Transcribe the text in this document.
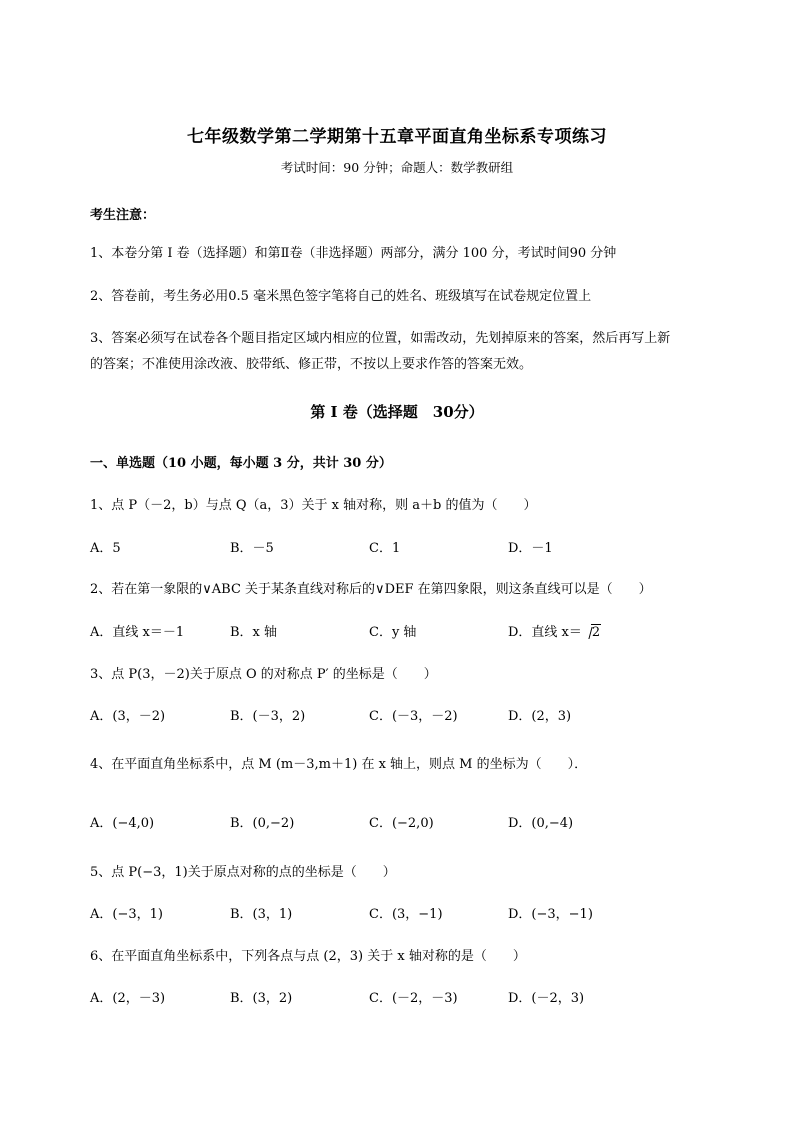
七年级数学第二学期第十五章平面直角坐标系专项练习
考试时间：90 分钟；命题人：数学教研组
考生注意：
1、本卷分第 I 卷（选择题）和第Ⅱ卷（非选择题）两部分，满分 100 分，考试时间90 分钟
2、答卷前，考生务必用0.5 毫米黑色签字笔将自己的姓名、班级填写在试卷规定位置上
3、答案必须写在试卷各个题目指定区域内相应的位置，如需改动，先划掉原来的答案，然后再写上新
的答案；不准使用涂改液、胶带纸、修正带，不按以上要求作答的答案无效。
第 I 卷（选择题　30分）
一、单选题（10 小题，每小题 3 分，共计 30 分）
1、点 P（－2，b）与点 Q（a，3）关于 x 轴对称，则 a＋b 的值为（　　）
A．5	B．－5	C．1	D．－1
2、若在第一象限的∨ABC 关于某条直线对称后的∨DEF 在第四象限，则这条直线可以是（　　）
A．直线 x＝－1	B．x 轴	C．y 轴	D．直线 x＝ 2
3、点 P(3，－2)关于原点 O 的对称点 P′ 的坐标是（　　）
A．(3，－2)	B．(－3，2)	C．(－3，－2)	D．(2，3)
4、在平面直角坐标系中，点 M (m－3,m＋1) 在 x 轴上，则点 M 的坐标为（　　）．
A．(−4,0)	B．(0,−2)	C．(−2,0)	D．(0,−4)
5、点 P(−3，1)关于原点对称的点的坐标是（　　）
A．(−3，1)	B．(3，1)	C．(3，−1)	D．(−3，−1)
6、在平面直角坐标系中，下列各点与点 (2，3) 关于 x 轴对称的是（　　）
A．(2，－3)	B．(3，2)	C．(－2，－3)	D．(－2，3)
